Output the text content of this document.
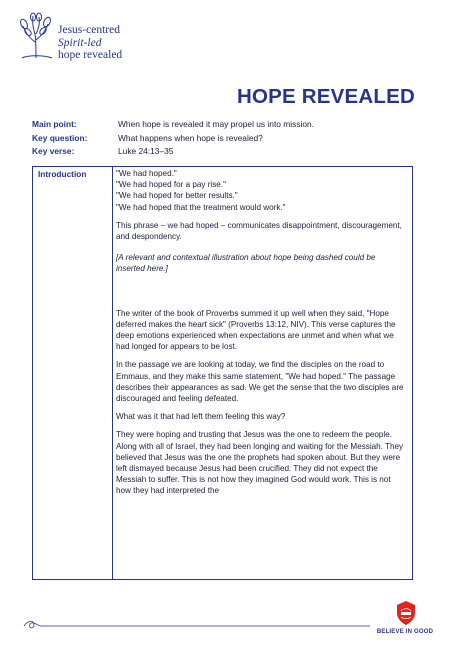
Jesus-centred
Spirit-led
hope revealed
HOPE REVEALED
Main point:	When hope is revealed it may propel us into mission.
Key question:	What happens when hope is revealed?
Key verse:	Luke 24:13–35
Introduction	"We had hoped."

"We had hoped for a pay rise."

"We had hoped for better results."

"We had hoped that the treatment would work."

This phrase – we had hoped – communicates disappointment, discouragement, and despondency.

[A relevant and contextual illustration about hope being dashed could be inserted here.]

The writer of the book of Proverbs summed it up well when they said, "Hope deferred makes the heart sick" (Proverbs 13:12, NIV). This verse captures the deep emotions experienced when expectations are unmet and when what we had longed for appears to be lost.

In the passage we are looking at today, we find the disciples on the road to Emmaus, and they make this same statement, "We had hoped." The passage describes their appearances as sad. We get the sense that the two disciples are discouraged and feeling defeated.

What was it that had left them feeling this way?

They were hoping and trusting that Jesus was the one to redeem the people. Along with all of Israel, they had been longing and waiting for the Messiah. They believed that Jesus was the one the prophets had spoken about. But they were left dismayed because Jesus had been crucified. They did not expect the Messiah to suffer. This is not how they imagined God would work. This is not how they had interpreted the

BELIEVE IN GOOD
